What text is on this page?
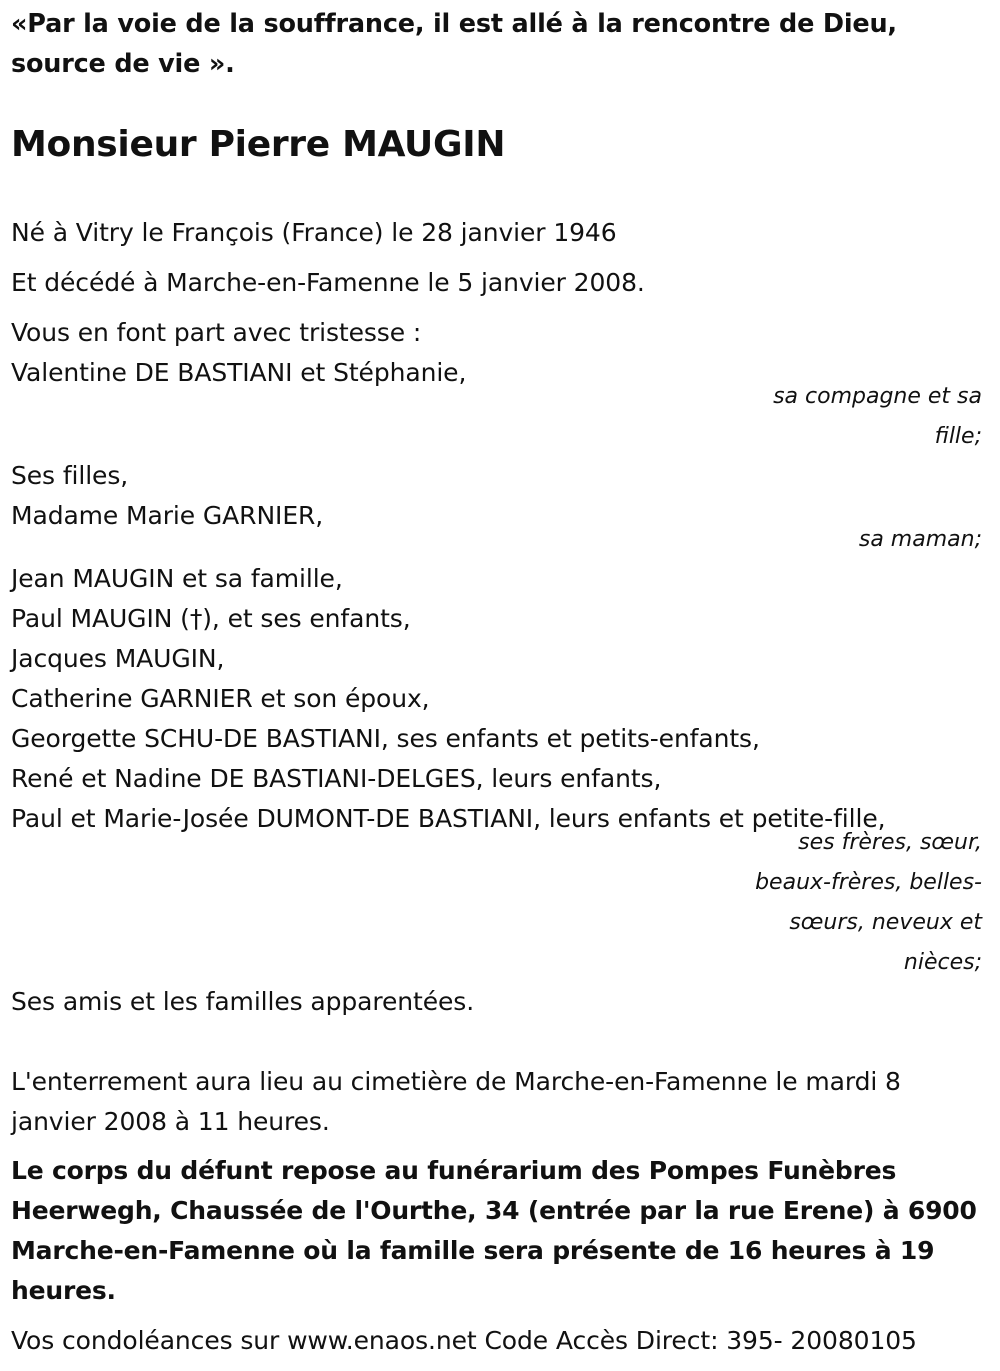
«Par la voie de la souffrance, il est allé à la rencontre de Dieu, source de vie ».
Monsieur Pierre MAUGIN
Né à Vitry le François (France) le 28 janvier 1946
Et décédé à Marche-en-Famenne le 5 janvier 2008.
Vous en font part avec tristesse :
Valentine DE BASTIANI et Stéphanie,
sa compagne et sa fille;
Ses filles,
Madame Marie GARNIER,
sa maman;
Jean MAUGIN et sa famille,
Paul MAUGIN (†), et ses enfants,
Jacques MAUGIN,
Catherine GARNIER et son époux,
Georgette SCHU-DE BASTIANI, ses enfants et petits-enfants,
René et Nadine DE BASTIANI-DELGES, leurs enfants,
Paul et Marie-Josée DUMONT-DE BASTIANI, leurs enfants et petite-fille,
ses frères, sœur, beaux-frères, belles-sœurs, neveux et nièces;
Ses amis et les familles apparentées.
L'enterrement aura lieu au cimetière de Marche-en-Famenne le mardi 8 janvier 2008 à 11 heures.
Le corps du défunt repose au funérarium des Pompes Funèbres Heerwegh, Chaussée de l'Ourthe, 34 (entrée par la rue Erene) à 6900 Marche-en-Famenne où la famille sera présente de 16 heures à 19 heures.
Vos condoléances sur www.enaos.net Code Accès Direct: 395- 20080105
